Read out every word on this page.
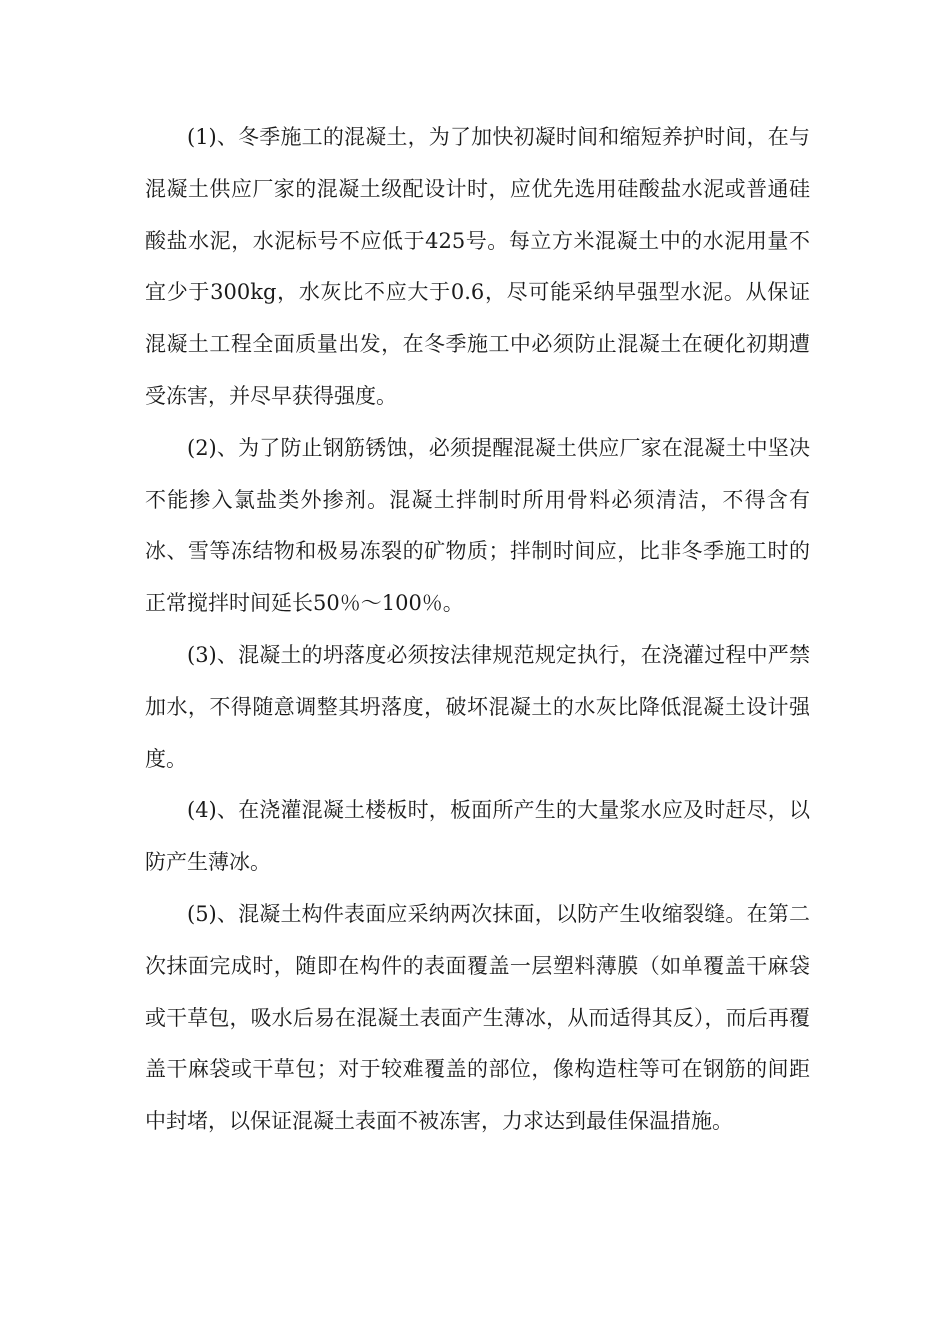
(1)、冬季施工的混凝土，为了加快初凝时间和缩短养护时间，在与混凝土供应厂家的混凝土级配设计时，应优先选用硅酸盐水泥或普通硅酸盐水泥，水泥标号不应低于425号。每立方米混凝土中的水泥用量不宜少于300kg，水灰比不应大于0.6，尽可能采纳早强型水泥。从保证混凝土工程全面质量出发，在冬季施工中必须防止混凝土在硬化初期遭受冻害，并尽早获得强度。

(2)、为了防止钢筋锈蚀，必须提醒混凝土供应厂家在混凝土中坚决不能掺入氯盐类外掺剂。混凝土拌制时所用骨料必须清洁，不得含有冰、雪等冻结物和极易冻裂的矿物质；拌制时间应，比非冬季施工时的正常搅拌时间延长50％～100％。

(3)、混凝土的坍落度必须按法律规范规定执行，在浇灌过程中严禁加水，不得随意调整其坍落度，破坏混凝土的水灰比降低混凝土设计强度。

(4)、在浇灌混凝土楼板时，板面所产生的大量浆水应及时赶尽，以防产生薄冰。

(5)、混凝土构件表面应采纳两次抹面，以防产生收缩裂缝。在第二次抹面完成时，随即在构件的表面覆盖一层塑料薄膜（如单覆盖干麻袋或干草包，吸水后易在混凝土表面产生薄冰，从而适得其反），而后再覆盖干麻袋或干草包；对于较难覆盖的部位，像构造柱等可在钢筋的间距中封堵，以保证混凝土表面不被冻害，力求达到最佳保温措施。
